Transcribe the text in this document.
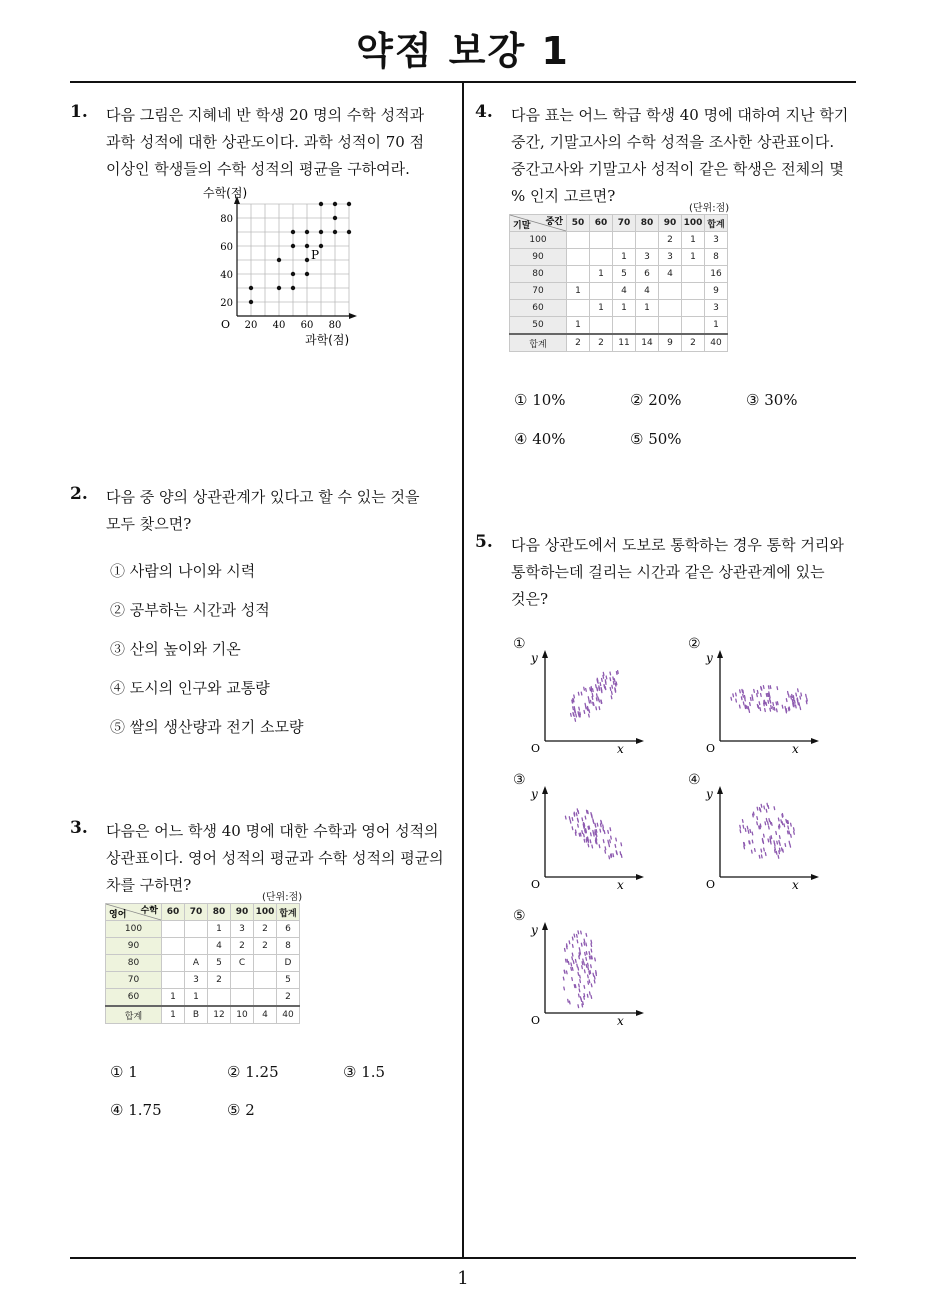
약점 보강 1
1
1. 다음 그림은 지혜네 반 학생 20 명의 수학 성적과
과학 성적에 대한 상관도이다. 과학 성적이 70 점
이상인 학생들의 수학 성적의 평균을 구하여라.
수학(점)
과학(점)
O 20 40 60 80
20
40
60
80
P
2. 다음 중 양의 상관관계가 있다고 할 수 있는 것을
모두 찾으면?
① 사람의 나이와 시력
② 공부하는 시간과 성적
③ 산의 높이와 기온
④ 도시의 인구와 교통량
⑤ 쌀의 생산량과 전기 소모량
3. 다음은 어느 학생 40 명에 대한 수학과 영어 성적의
상관표이다. 영어 성적의 평균과 수학 성적의 평균의
차를 구하면?
(단위:점)
수학
영어	60	70	80	90	100	합계
100			1	3	2	6
90			4	2	2	8
80		A	5	C		D
70		3	2			5
60	1	1				2
합계	1	B	12	10	4	40
① 1	② 1.25	③ 1.5
④ 1.75	⑤ 2
4. 다음 표는 어느 학급 학생 40 명에 대하여 지난 학기
중간, 기말고사의 수학 성적을 조사한 상관표이다.
중간고사와 기말고사 성적이 같은 학생은 전체의 몇
% 인지 고르면?
(단위:점)
중간
기말	50	60	70	80	90	100	합계
100					2	1	3
90			1	3	3	1	8
80		1	5	6	4		16
70	1		4	4			9
60		1	1	1			3
50	1						1
합계	2	2	11	14	9	2	40
① 10%	② 20%	③ 30%
④ 40%	⑤ 50%
5. 다음 상관도에서 도보로 통학하는 경우 통학 거리와
통학하는데 걸리는 시간과 같은 상관관계에 있는
것은?
①
y
O	x
②
y
O	x
③
y
O	x
④
y
O	x
⑤
y
O	x
